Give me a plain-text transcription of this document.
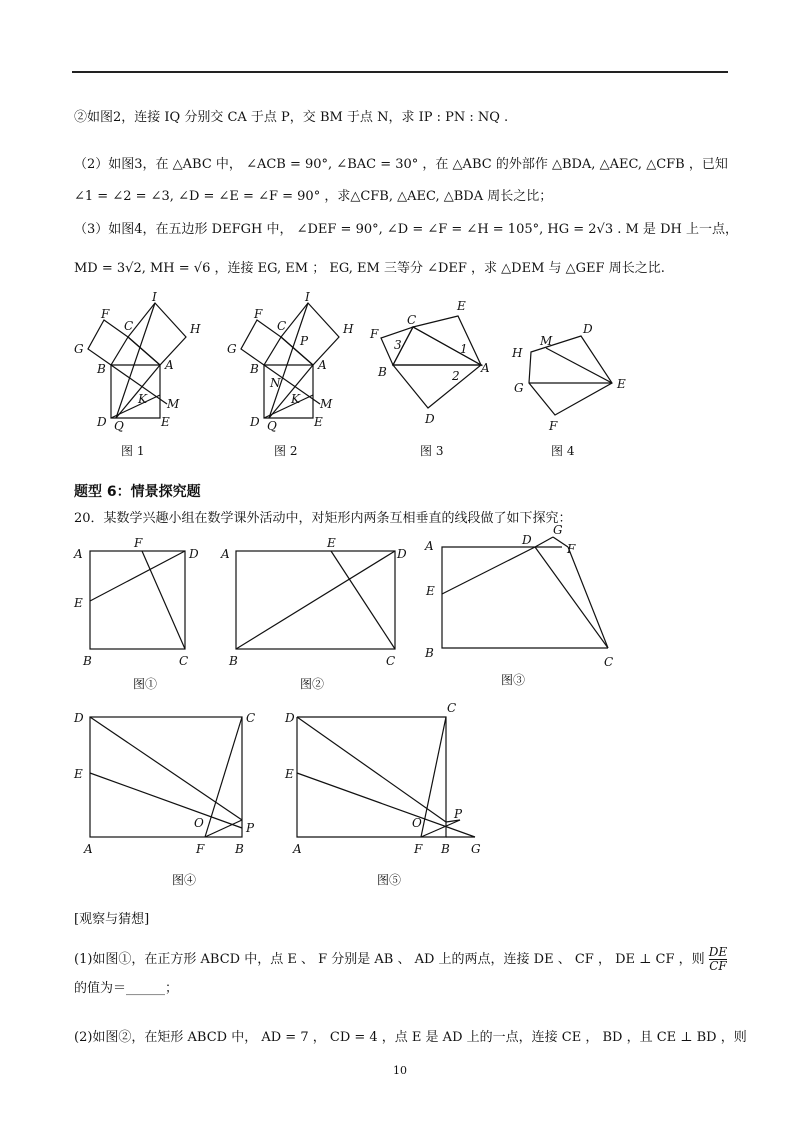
②如图2，连接 IQ 分别交 CA 于点 P，交 BM 于点 N，求 IP : PN : NQ .
（2）如图3，在 △ABC 中， ∠ACB = 90°, ∠BAC = 30° ，在 △ABC 的外部作 △BDA, △AEC, △CFB ，已知
∠1 = ∠2 = ∠3, ∠D = ∠E = ∠F = 90° ，求△CFB, △AEC, △BDA 周长之比；
（3）如图4，在五边形 DEFGH 中， ∠DEF = 90°, ∠D = ∠F = ∠H = 105°, HG = 2√3 . M 是 DH 上一点，
MD = 3√2, MH = √6 ，连接 EG, EM ； EG, EM 三等分 ∠DEF ，求 △DEM 与 △GEF 周长之比.
F
I
C	H
G
A
B
K M
D Q	E
图 1
F
I
C
P
H
G
A
B
N
K M
D Q	E
图 2
E
C
F
3	1
B	2
A
D
图 3
D
M
H
G	E
F
图 4
题型 6：情景探究题
20．某数学兴趣小组在数学课外活动中，对矩形内两条互相垂直的线段做了如下探究：
A
F
D
E
B	C
图①
A
E
D
B	C
图②
A	D
G
F
E
B
C
图③
D	C
E
O	P
A	F	B
图④
D
C
E
O
P
A	F B G
图⑤
[观察与猜想]
(1)如图①，在正方形 ABCD 中，点 E 、 F 分别是 AB 、 AD 上的两点，连接 DE 、 CF ， DE ⊥ CF ，则 $\frac{DE}{CF}$
的值为＝______；
(2)如图②，在矩形 ABCD 中， AD = 7 ， CD = 4 ，点 E 是 AD 上的一点，连接 CE ， BD ，且 CE ⊥ BD ，则
10
